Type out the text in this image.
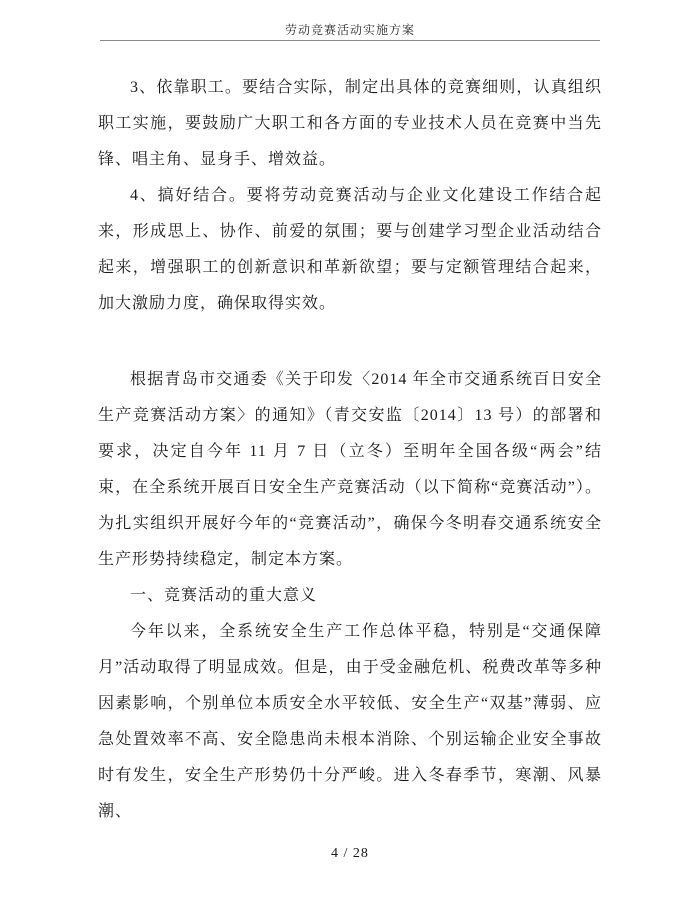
劳动竞赛活动实施方案

3、依靠职工。要结合实际，制定出具体的竞赛细则，认真组织职工实施，要鼓励广大职工和各方面的专业技术人员在竞赛中当先锋、唱主角、显身手、增效益。

4、搞好结合。要将劳动竞赛活动与企业文化建设工作结合起来，形成思上、协作、前爱的氛围；要与创建学习型企业活动结合起来，增强职工的创新意识和革新欲望；要与定额管理结合起来，加大激励力度，确保取得实效。

根据青岛市交通委《关于印发〈2014 年全市交通系统百日安全生产竞赛活动方案〉的通知》（青交安监〔2014〕13 号）的部署和要求，决定自今年 11 月 7 日（立冬）至明年全国各级“两会”结束，在全系统开展百日安全生产竞赛活动（以下简称“竞赛活动”）。为扎实组织开展好今年的“竞赛活动”，确保今冬明春交通系统安全生产形势持续稳定，制定本方案。

一、竞赛活动的重大意义

今年以来，全系统安全生产工作总体平稳，特别是“交通保障月”活动取得了明显成效。但是，由于受金融危机、税费改革等多种因素影响，个别单位本质安全水平较低、安全生产“双基”薄弱、应急处置效率不高、安全隐患尚未根本消除、个别运输企业安全事故时有发生，安全生产形势仍十分严峻。进入冬春季节，寒潮、风暴潮、

4 / 28
